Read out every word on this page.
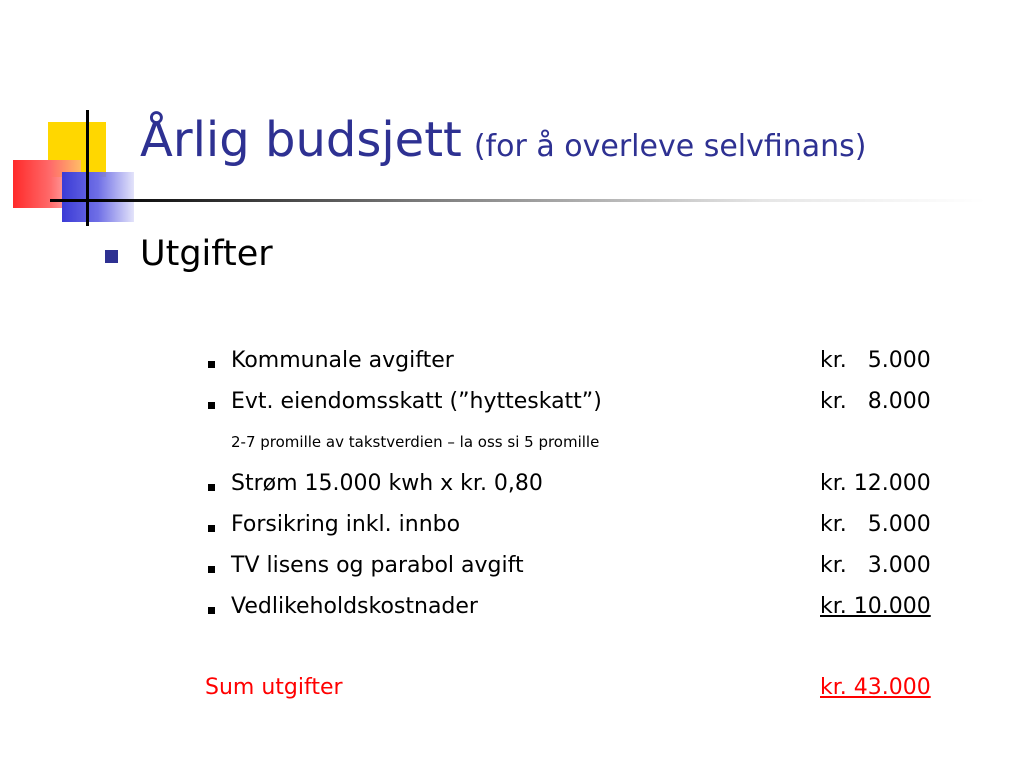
Årlig budsjett (for å overleve selvfinans)
Utgifter
Kommunale avgifter	kr.   5.000
Evt. eiendomsskatt (”hytteskatt”)	kr.   8.000
2-7 promille av takstverdien – la oss si 5 promille
Strøm 15.000 kwh x kr. 0,80	kr. 12.000
Forsikring inkl. innbo	kr.   5.000
TV lisens og parabol avgift	kr.   3.000
Vedlikeholdskostnader	kr. 10.000
Sum utgifter	kr. 43.000
